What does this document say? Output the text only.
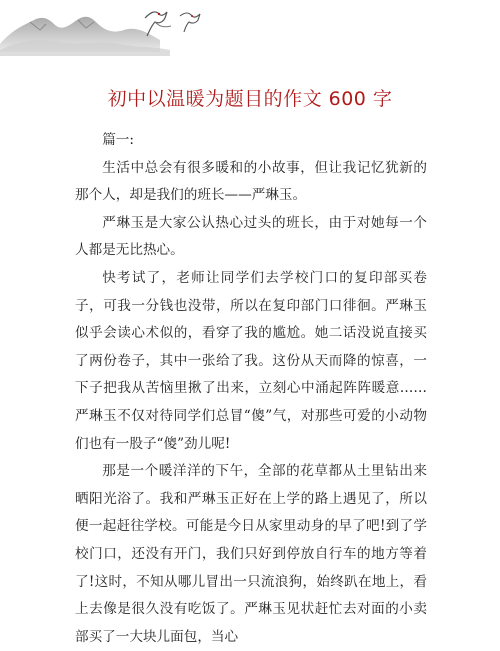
初中以温暖为题目的作文 600 字

篇一:

生活中总会有很多暖和的小故事，但让我记忆犹新的那个人，却是我们的班长——严琳玉。

严琳玉是大家公认热心过头的班长，由于对她每一个人都是无比热心。

快考试了，老师让同学们去学校门口的复印部买卷子，可我一分钱也没带，所以在复印部门口徘徊。严琳玉似乎会读心术似的，看穿了我的尴尬。她二话没说直接买了两份卷子，其中一张给了我。这份从天而降的惊喜，一下子把我从苦恼里揪了出来，立刻心中涌起阵阵暖意……严琳玉不仅对待同学们总冒“傻”气，对那些可爱的小动物们也有一股子“傻”劲儿呢!

那是一个暖洋洋的下午，全部的花草都从土里钻出来晒阳光浴了。我和严琳玉正好在上学的路上遇见了，所以便一起赶往学校。可能是今日从家里动身的早了吧!到了学校门口，还没有开门，我们只好到停放自行车的地方等着了!这时，不知从哪儿冒出一只流浪狗，始终趴在地上，看上去像是很久没有吃饭了。严琳玉见状赶忙去对面的小卖部买了一大块儿面包，当心
